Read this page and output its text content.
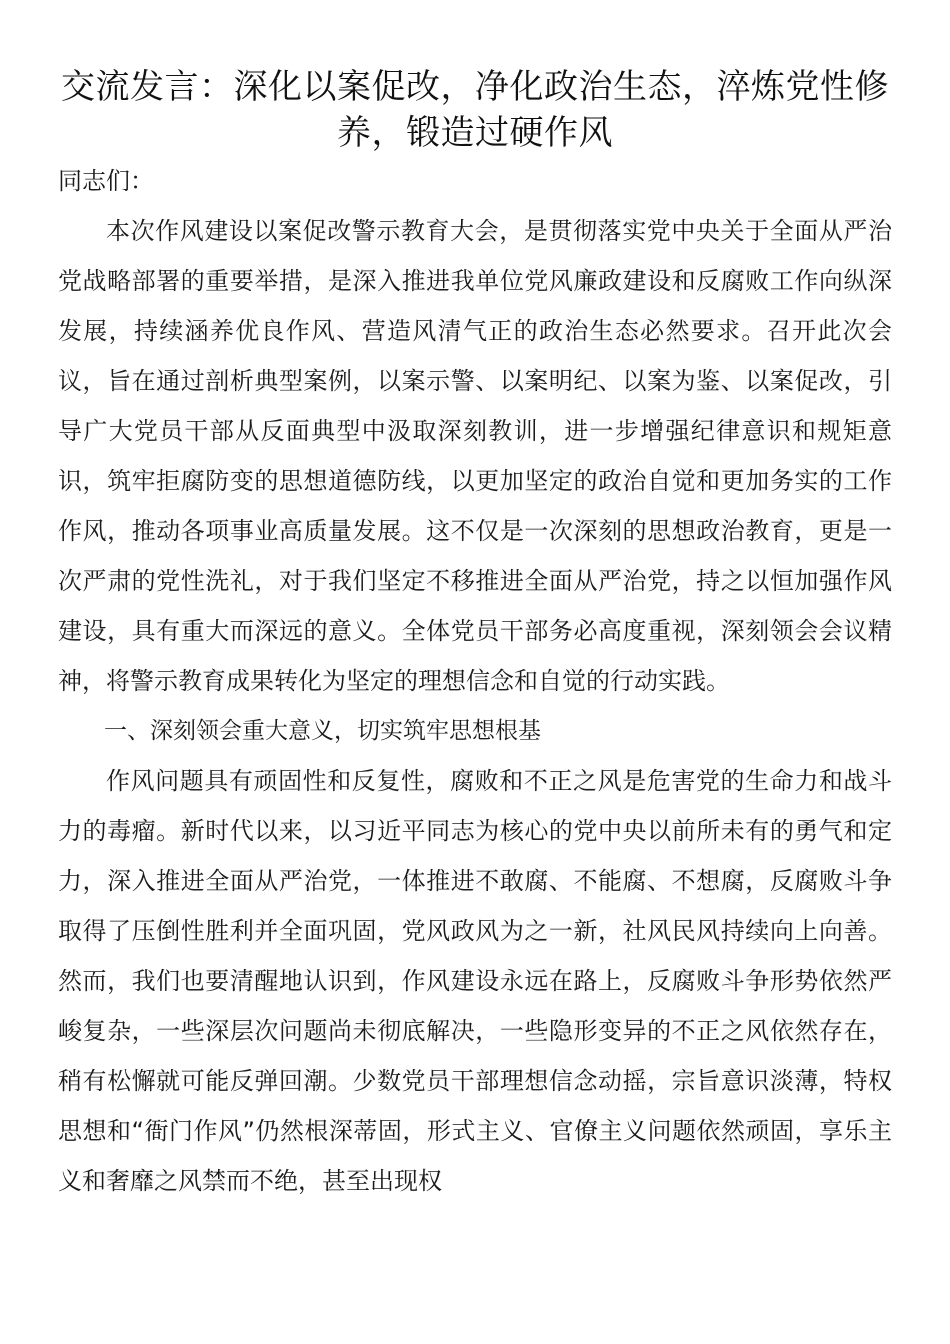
交流发言：深化以案促改，净化政治生态，淬炼党性修养，锻造过硬作风

同志们：

本次作风建设以案促改警示教育大会，是贯彻落实党中央关于全面从严治党战略部署的重要举措，是深入推进我单位党风廉政建设和反腐败工作向纵深发展，持续涵养优良作风、营造风清气正的政治生态必然要求。召开此次会议，旨在通过剖析典型案例，以案示警、以案明纪、以案为鉴、以案促改，引导广大党员干部从反面典型中汲取深刻教训，进一步增强纪律意识和规矩意识，筑牢拒腐防变的思想道德防线，以更加坚定的政治自觉和更加务实的工作作风，推动各项事业高质量发展。这不仅是一次深刻的思想政治教育，更是一次严肃的党性洗礼，对于我们坚定不移推进全面从严治党，持之以恒加强作风建设，具有重大而深远的意义。全体党员干部务必高度重视，深刻领会会议精神，将警示教育成果转化为坚定的理想信念和自觉的行动实践。

一、深刻领会重大意义，切实筑牢思想根基

作风问题具有顽固性和反复性，腐败和不正之风是危害党的生命力和战斗力的毒瘤。新时代以来，以习近平同志为核心的党中央以前所未有的勇气和定力，深入推进全面从严治党，一体推进不敢腐、不能腐、不想腐，反腐败斗争取得了压倒性胜利并全面巩固，党风政风为之一新，社风民风持续向上向善。然而，我们也要清醒地认识到，作风建设永远在路上，反腐败斗争形势依然严峻复杂，一些深层次问题尚未彻底解决，一些隐形变异的不正之风依然存在，稍有松懈就可能反弹回潮。少数党员干部理想信念动摇，宗旨意识淡薄，特权思想和“衙门作风”仍然根深蒂固，形式主义、官僚主义问题依然顽固，享乐主义和奢靡之风禁而不绝，甚至出现权
